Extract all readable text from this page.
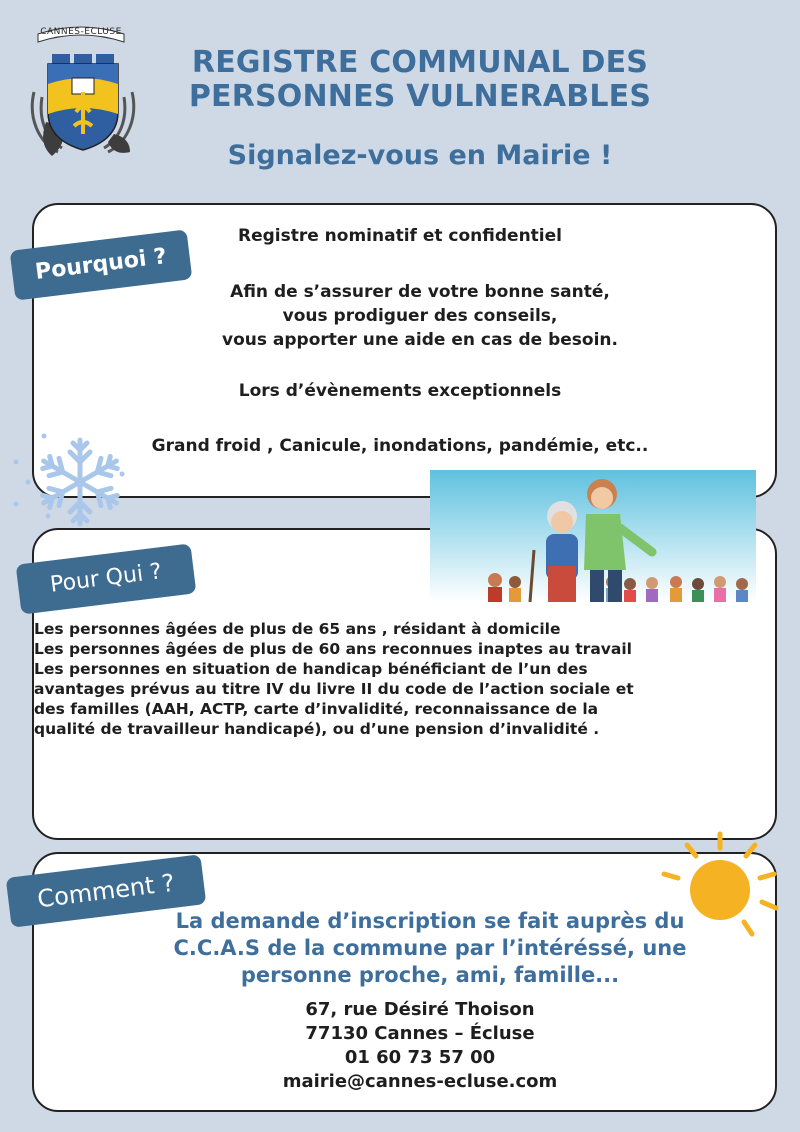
CANNES-ECLUSE
REGISTRE COMMUNAL DES
PERSONNES VULNERABLES
Signalez-vous en Mairie !
Registre nominatif et confidentiel
Afin de s’assurer de votre bonne santé,
vous prodiguer des conseils,
vous apporter une aide en cas de besoin.
Lors d’évènements exceptionnels
Grand froid , Canicule, inondations, pandémie, etc..
Les personnes âgées de plus de 65 ans , résidant à domicile
Les personnes âgées de plus de 60 ans reconnues inaptes au travail
Les personnes en situation de handicap bénéficiant de l’un des
avantages prévus au titre IV du livre II du code de l’action sociale et
des familles (AAH, ACTP, carte d’invalidité, reconnaissance de la
qualité de travailleur handicapé), ou d’une pension d’invalidité .
La demande d’inscription se fait auprès du
C.C.A.S de la commune par l’intéréssé, une
personne proche, ami, famille...
67, rue Désiré Thoison
77130 Cannes – Écluse
01 60 73 57 00
mairie@cannes-ecluse.com
Pourquoi ?
Pour Qui ?
Comment ?
